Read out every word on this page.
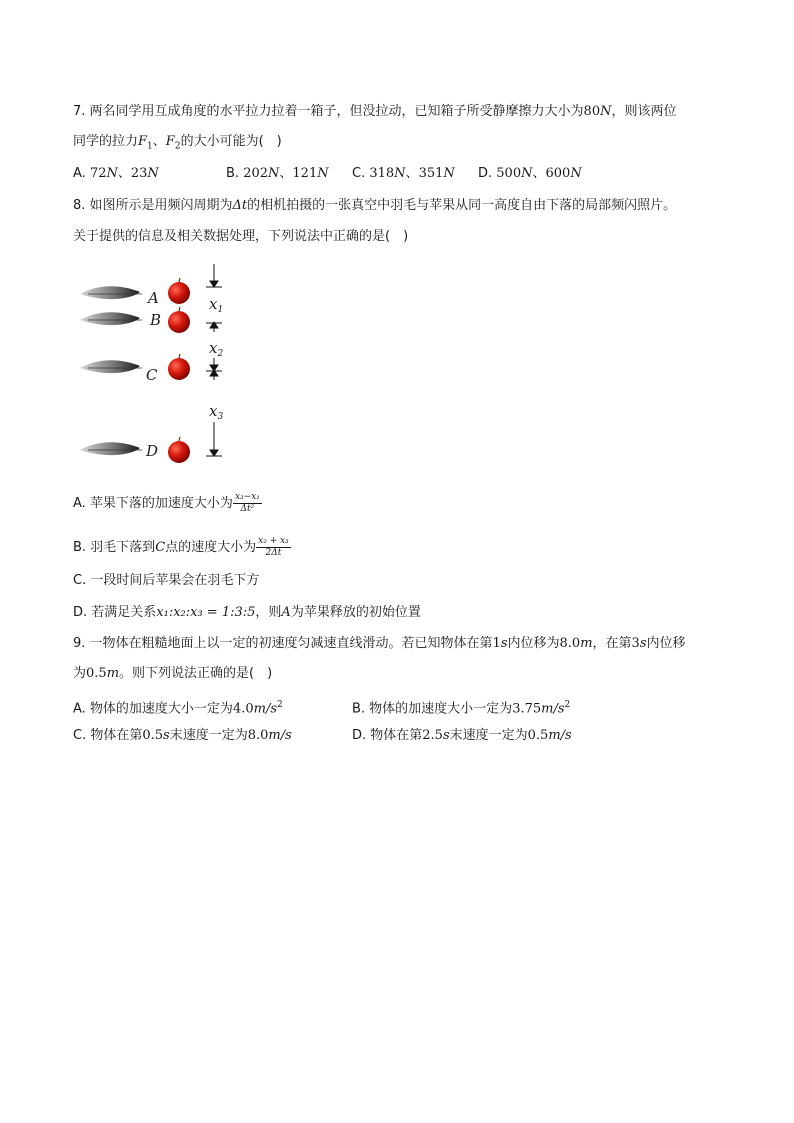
7. 两名同学用互成角度的水平拉力拉着一箱子，但没拉动，已知箱子所受静摩擦力大小为80N，则该两位
同学的拉力$F_1$、$F_2$的大小可能为(　)
A. 72N、23N	B. 202N、121N C. 318N、351N D. 500N、600N
8. 如图所示是用频闪周期为Δt的相机拍摄的一张真空中羽毛与苹果从同一高度自由下落的局部频闪照片。
关于提供的信息及相关数据处理，下列说法中正确的是(　)
A
B
C
D
$x_1$
$x_2$
$x_3$
A. 苹果下落的加速度大小为 $\frac{\text{x₃−x₁}}{\text{Δt²}}$
B. 羽毛下落到C点的速度大小为 $\frac{\text{x₂ + x₃}}{2\Delta t}$
C. 一段时间后苹果会在羽毛下方
D. 若满足关系x₁:x₂:x₃ = 1:3:5，则A为苹果释放的初始位置
9. 一物体在粗糙地面上以一定的初速度匀减速直线滑动。若已知物体在第1s内位移为8.0m，在第3s内位移
为0.5m。则下列说法正确的是(　)
A. 物体的加速度大小一定为$4.0m/s^2$	B. 物体的加速度大小一定为$3.75m/s^2$
C. 物体在第0.5s末速度一定为8.0m/s	D. 物体在第2.5s末速度一定为0.5m/s
